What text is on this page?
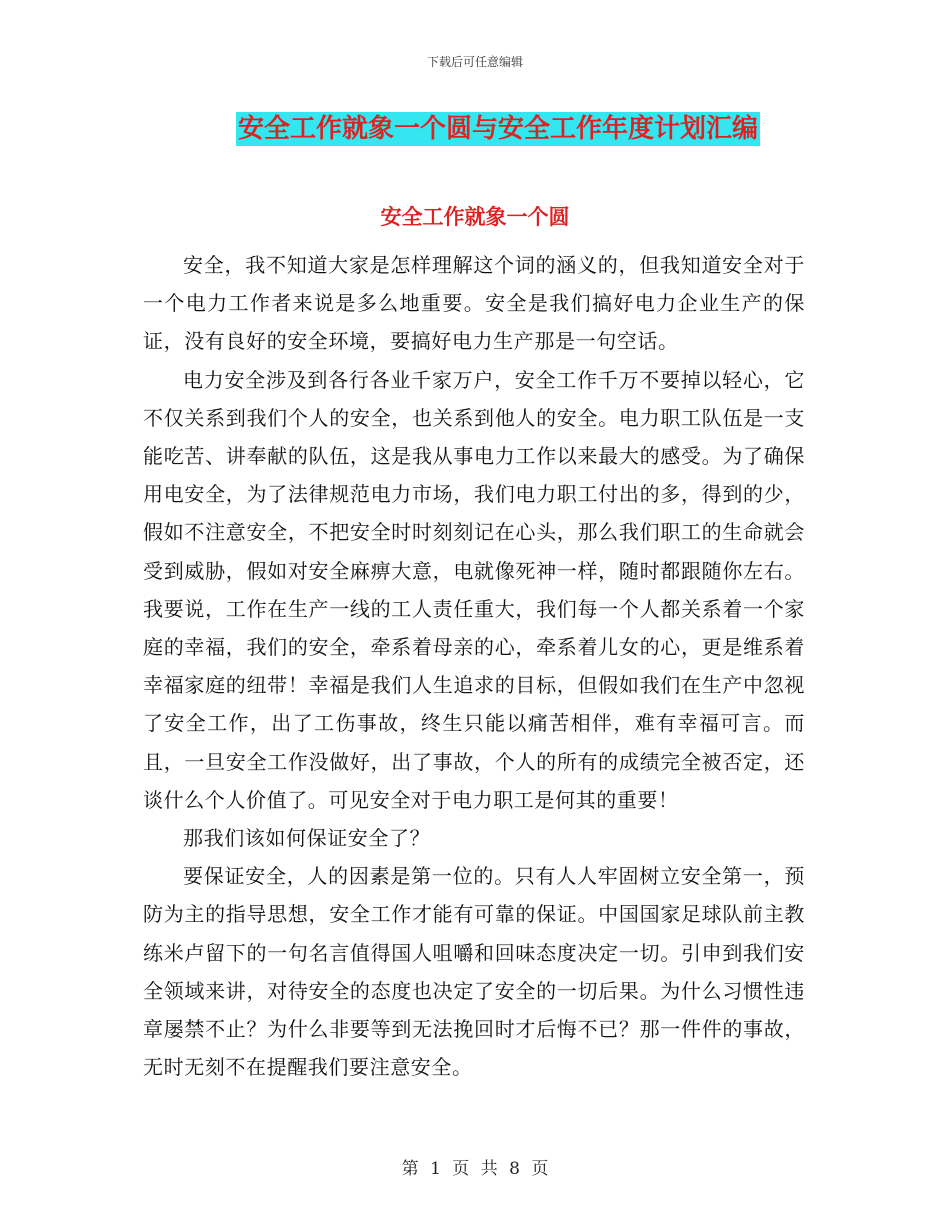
下载后可任意编辑
安全工作就象一个圆与安全工作年度计划汇编
安全工作就象一个圆

安全，我不知道大家是怎样理解这个词的涵义的，但我知道安全对于一个电力工作者来说是多么地重要。安全是我们搞好电力企业生产的保证，没有良好的安全环境，要搞好电力生产那是一句空话。

电力安全涉及到各行各业千家万户，安全工作千万不要掉以轻心，它不仅关系到我们个人的安全，也关系到他人的安全。电力职工队伍是一支能吃苦、讲奉献的队伍，这是我从事电力工作以来最大的感受。为了确保用电安全，为了法律规范电力市场，我们电力职工付出的多，得到的少，假如不注意安全，不把安全时时刻刻记在心头，那么我们职工的生命就会受到威胁，假如对安全麻痹大意，电就像死神一样，随时都跟随你左右。我要说，工作在生产一线的工人责任重大，我们每一个人都关系着一个家庭的幸福，我们的安全，牵系着母亲的心，牵系着儿女的心，更是维系着幸福家庭的纽带！幸福是我们人生追求的目标，但假如我们在生产中忽视了安全工作，出了工伤事故，终生只能以痛苦相伴，难有幸福可言。而且，一旦安全工作没做好，出了事故，个人的所有的成绩完全被否定，还谈什么个人价值了。可见安全对于电力职工是何其的重要！

那我们该如何保证安全了？

要保证安全，人的因素是第一位的。只有人人牢固树立安全第一，预防为主的指导思想，安全工作才能有可靠的保证。中国国家足球队前主教练米卢留下的一句名言值得国人咀嚼和回味态度决定一切。引申到我们安全领域来讲，对待安全的态度也决定了安全的一切后果。为什么习惯性违章屡禁不止？为什么非要等到无法挽回时才后悔不已？那一件件的事故，无时无刻不在提醒我们要注意安全。

第 1 页 共 8 页
